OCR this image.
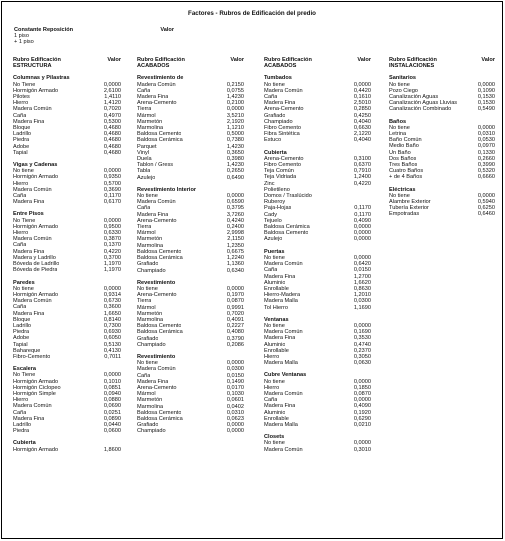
Factores - Rubros de Edificación del predio
Constante Reposición	Valor
1 piso
+ 1 piso
Rubro Edificación
ESTRUCTURA
Valor
Columnas y Pilastras
No Tiene	0,0000
Hormigón Armado	2,6100
Pilotes	1,4110
Hierro	1,4120
Madera Común	0,7020
Caña	0,4970
Madera Fina	0,5300
Bloque	0,4680
Ladrillo	0,4680
Piedra	0,4680
Adobe	0,4680
Tapial	0,4680
Vigas y Cadenas
No tiene	0,0000
Hormigón Armado	0,9350
Hierro	0,5700
Madera Común	0,3690
Caña	0,1170
Madera Fina	0,6170
Entre Pisos
No Tiene	0,0000
Hormigón Armado	0,9500
Hierro	0,6330
Madera Común	0,3870
Caña	0,1370
Madera Fina	0,4220
Madera y Ladrillo	0,3700
Bóveda de Ladrillo	1,1970
Bóveda de Piedra	1,1970
Paredes
No tiene	0,0000
Hormigón Armado	0,9314
Madera Común	0,6730
Caña	0,3600
Madera Fina	1,6650
Bloque	0,8140
Ladrillo	0,7300
Piedra	0,6930
Adobe	0,6050
Tapial	0,5130
Bahareque	0,4130
Fibro-Cemento	0,7011
Escalera
No Tiene	0,0000
Hormigón Armado	0,1010
Hormigón Ciclopeo	0,0851
Hormigón Simple	0,0940
Hierro	0,0880
Madera Común	0,0690
Caña	0,0251
Madera Fina	0,0890
Ladrillo	0,0440
Piedra	0,0600
Cubierta
Hormigón Armado	1,8600
Rubro Edificación
ACABADOS
Valor
Revestimiento de
Madera Común	0,2150
Caña	0,0755
Madera Fina	1,4230
Arena-Cemento	0,2100
Tierra	0,0000
Mármol	3,5210
Marmetón	2,1920
Marmolina	1,1210
Baldosa Cemento	0,5000
Baldosa Cerámica	0,7380
Parquet	1,4230
Vinyl	0,3650
Duela	0,3980
Tablon / Gress	1,4230
Tabla	0,2650
Azulejo	0,6490
Revestimiento Interior
No tiene	0,0000
Madera Común	0,6590
Caña	0,3795
Madera Fina	3,7260
Arena-Cemento	0,4240
Tierra	0,2400
Mármol	2,9998
Marmetón	2,1150
Marmolina	1,2350
Baldosa Cemento	0,6675
Baldosa Cerámica	1,2240
Grafiado	1,1360
Champiado	0,6340
Revestimiento
No tiene	0,0000
Arena-Cemento	0,1970
Tierra	0,0870
Mármol	0,9991
Marmetón	0,7020
Marmolina	0,4091
Baldosa Cemento	0,2227
Baldosa Cerámica	0,4080
Grafiado	0,3790
Champiado	0,2086
Revestimiento
No tiene	0,0000
Madera Común	0,0300
Caña	0,0150
Madera Fina	0,1490
Arena-Cemento	0,0170
Mármol	0,1030
Marmetón	0,0601
Marmolina	0,0402
Baldosa Cemento	0,0310
Baldosa Cerámica	0,0623
Grafiado	0,0000
Champiado	0,0000
Rubro Edificación
ACABADOS
Valor
Tumbados
No tiene	0,0000
Madera Común	0,4420
Caña	0,1610
Madera Fina	2,5010
Arena-Cemento	0,2850
Grafiado	0,4250
Champiado	0,4040
Fibro Cemento	0,6630
Fibra Sintética	2,1220
Estuco	0,4040
Cubierta
Arena-Cemento	0,3100
Fibro Cemento	0,6370
Teja Común	0,7910
Teja Vidriada	1,2400
Zinc	0,4220
Polietileno
Domos / Traslúcido
Ruberoy
Paja-Hojas	0,1170
Cady	0,1170
Tejuelo	0,4090
Baldosa Cerámica	0,0000
Baldosa Cemento	0,0000
Azulejo	0,0000
Puertas
No tiene	0,0000
Madera Común	0,6420
Caña	0,0150
Madera Fina	1,2700
Aluminio	1,6620
Enrollable	0,8630
Hierro-Madera	1,2010
Madera Malla	0,0300
Tol Hierro	1,1690
Ventanas
No tiene	0,0000
Madera Común	0,1690
Madera Fina	0,3530
Aluminio	0,4740
Enrollable	0,2370
Hierro	0,3050
Madera Malla	0,0630
Cubre Ventanas
No tiene	0,0000
Hierro	0,1850
Madera Común	0,0870
Caña	0,0000
Madera Fina	0,4090
Aluminio	0,1920
Enrollable	0,6290
Madera Malla	0,0210
Closets
No tiene	0,0000
Madera Común	0,3010
Rubro Edificación
INSTALACIONES
Valor
Sanitarios
No tiene	0,0000
Pozo Ciego	0,1090
Canalización Aguas	0,1530
Canalización Aguas Lluvias	0,1530
Canalización Combinado	0,5490
Baños
No tiene	0,0000
Letrina	0,0310
Baño Común	0,0530
Medio Baño	0,0970
Un Baño	0,1330
Dos Baños	0,2660
Tres Baños	0,3990
Cuatro Baños	0,5320
+ de 4 Baños	0,6660
Eléctricas
No tiene	0,0000
Alambre Exterior	0,5940
Tubería Exterior	0,6250
Empotradas	0,6460
